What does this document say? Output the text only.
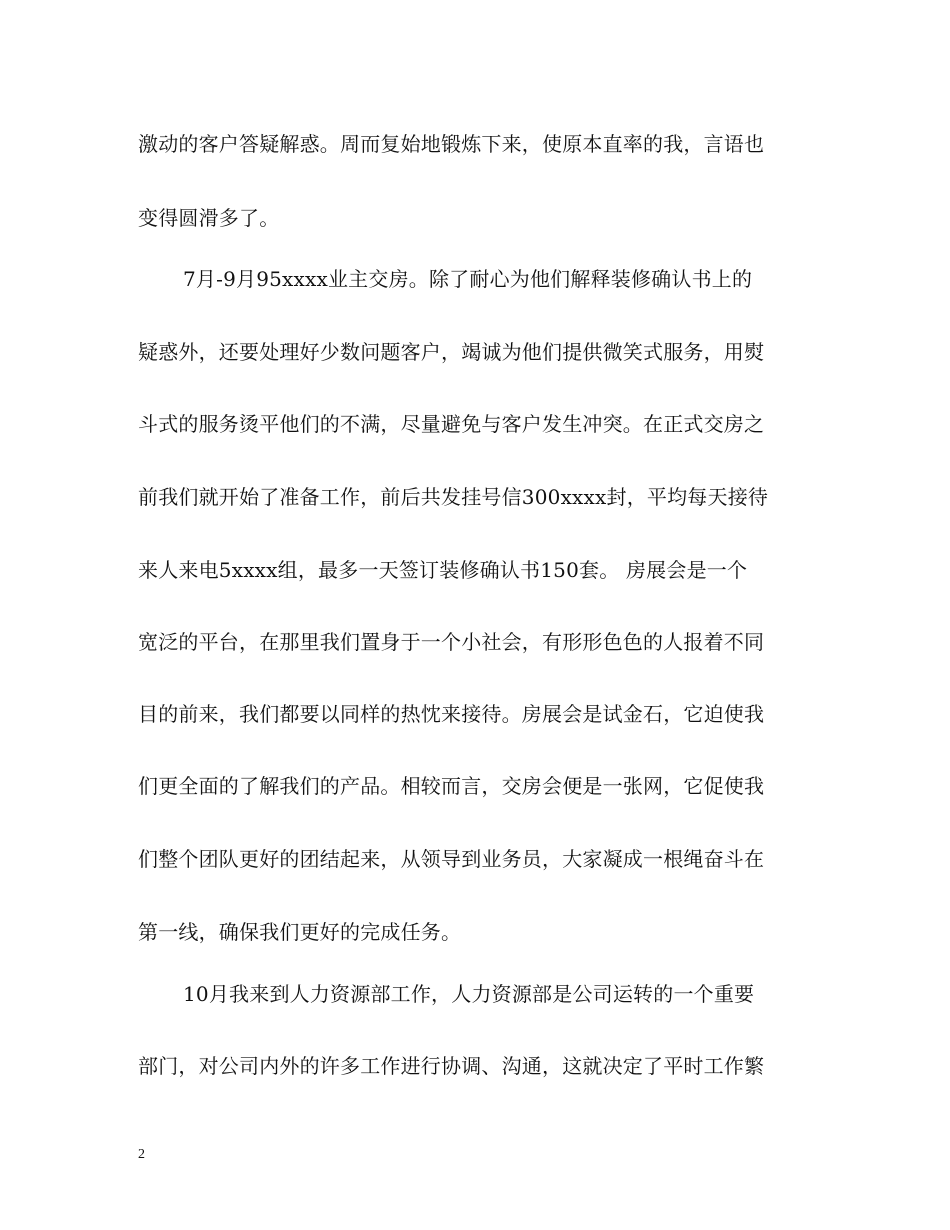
激动的客户答疑解惑。周而复始地锻炼下来，使原本直率的我，言语也
变得圆滑多了。
7月-9月95xxxx业主交房。除了耐心为他们解释装修确认书上的
疑惑外，还要处理好少数问题客户，竭诚为他们提供微笑式服务，用熨
斗式的服务烫平他们的不满，尽量避免与客户发生冲突。在正式交房之
前我们就开始了准备工作，前后共发挂号信300xxxx封，平均每天接待
来人来电5xxxx组，最多一天签订装修确认书150套。 房展会是一个
宽泛的平台，在那里我们置身于一个小社会，有形形色色的人报着不同
目的前来，我们都要以同样的热忱来接待。房展会是试金石，它迫使我
们更全面的了解我们的产品。相较而言，交房会便是一张网，它促使我
们整个团队更好的团结起来，从领导到业务员，大家凝成一根绳奋斗在
第一线，确保我们更好的完成任务。
10月我来到人力资源部工作，人力资源部是公司运转的一个重要
部门，对公司内外的许多工作进行协调、沟通，这就决定了平时工作繁
2
